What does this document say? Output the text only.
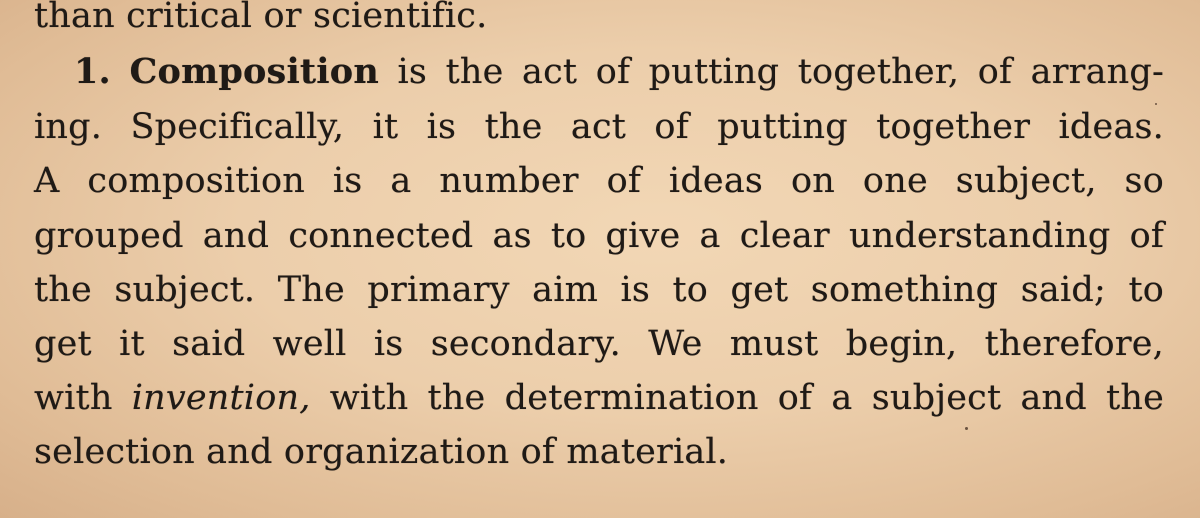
than critical or scientific.
1. Composition is the act of putting together, of arrang-
ing. Specifically, it is the act of putting together ideas.
A composition is a number of ideas on one subject, so
grouped and connected as to give a clear understanding of
the subject. The primary aim is to get something said; to
get it said well is secondary. We must begin, therefore,
with invention, with the determination of a subject and the
selection and organization of material.
